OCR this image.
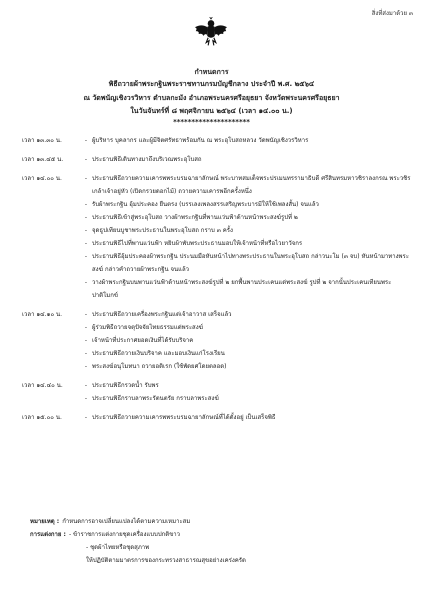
สิ่งที่ส่งมาด้วย ๓
กำหนดการ
พิธีถวายผ้าพระกฐินพระราชทานกรมบัญชีกลาง ประจำปี พ.ศ. ๒๕๖๔
ณ วัดพนัญเชิงวรวิหาร ตำบลกะมัง อำเภอพระนครศรีอยุธยา จังหวัดพระนครศรีอยุธยา
ในวันจันทร์ที่ ๘ พฤศจิกายน ๒๕๖๔ (เวลา ๑๔.๐๐ น.)
*********************
เวลา ๑๓.๓๐ น.	- ผู้บริหาร บุคลากร และผู้มีจิตศรัทธาพร้อมกัน ณ พระอุโบสถหลวง วัดพนัญเชิงวรวิหาร
เวลา ๑๓.๔๕ น.	- ประธานพิธีเดินทางมาถึงบริเวณพระอุโบสถ
เวลา ๑๔.๐๐ น.	- ประธานพิธีถวายความเคารพพระบรมฉายาลักษณ์ พระบาทสมเด็จพระปรเมนทรรามาธิบดี ศรีสินทรมหาวชิราลงกรณ พระวชิรเกล้าเจ้าอยู่หัว (เปิดกรวยดอกไม้) ถวายความเคารพอีกครั้งหนึ่ง
- รับผ้าพระกฐิน อุ้มประคอง ยืนตรง (บรรเลงเพลงสรรเสริญพระบารมีให้ใช้เพลงสั้น) จนแล้ว
- ประธานพิธีเข้าสู่พระอุโบสถ วางผ้าพระกฐินที่พานแว่นฟ้าด้านหน้าพระสงฆ์รูปที่ ๒
- จุดธูปเทียนบูชาพระประธานในพระอุโบสถ กราบ ๓ ครั้ง
- ประธานพิธีไปที่พานแว่นฟ้า หยิบผ้าพับพระประธานมอบให้เจ้าหน้าที่หรือไวยาวัจกร
- ประธานพิธีอุ้มประคองผ้าพระกฐิน ประนมมือหันหน้าไปทางพระประธานในพระอุโบสถ กล่าวนะโม (๓ จบ) หันหน้ามาทางพระสงฆ์ กล่าวคำถวายผ้าพระกฐิน จนแล้ว
- วางผ้าพระกฐินบนพานแว่นฟ้าด้านหน้าพระสงฆ์รูปที่ ๒ ยกพื้นพานประเคนแด่พระสงฆ์ รูปที่ ๒ จากนั้นประเคนเทียนพระปาติโมกข์
เวลา ๑๔.๑๐ น.	- ประธานพิธีถวายเครื่องพระกฐินแด่เจ้าอาวาส เสร็จแล้ว
- ผู้ร่วมพิธีถวายจตุปัจจัยไทยธรรมแด่พระสงฆ์
- เจ้าหน้าที่ประกาศยอดเงินที่ได้รับบริจาค
- ประธานพิธีถวายเงินบริจาค และมอบเงินแก่โรงเรียน
- พระสงฆ์อนุโมทนา ถวายอติเรก (ใช้พัดยศโดยตลอด)
เวลา ๑๔.๔๐ น.	- ประธานพิธีกรวดน้ำ รับพร
- ประธานพิธีกราบลาพระรัตนตรัย กราบลาพระสงฆ์
เวลา ๑๕.๐๐ น.	- ประธานพิธีถวายความเคารพพระบรมฉายาลักษณ์ที่ได้ตั้งอยู่ เป็นเสร็จพิธี
หมายเหตุ : กำหนดการอาจเปลี่ยนแปลงได้ตามความเหมาะสม
การแต่งกาย : - ข้าราชการแต่งกายชุดเครื่องแบบปกติขาว
- ชุดผ้าไทยหรือชุดสุภาพ
ให้ปฏิบัติตามมาตรการของกระทรวงสาธารณสุขอย่างเคร่งครัด
